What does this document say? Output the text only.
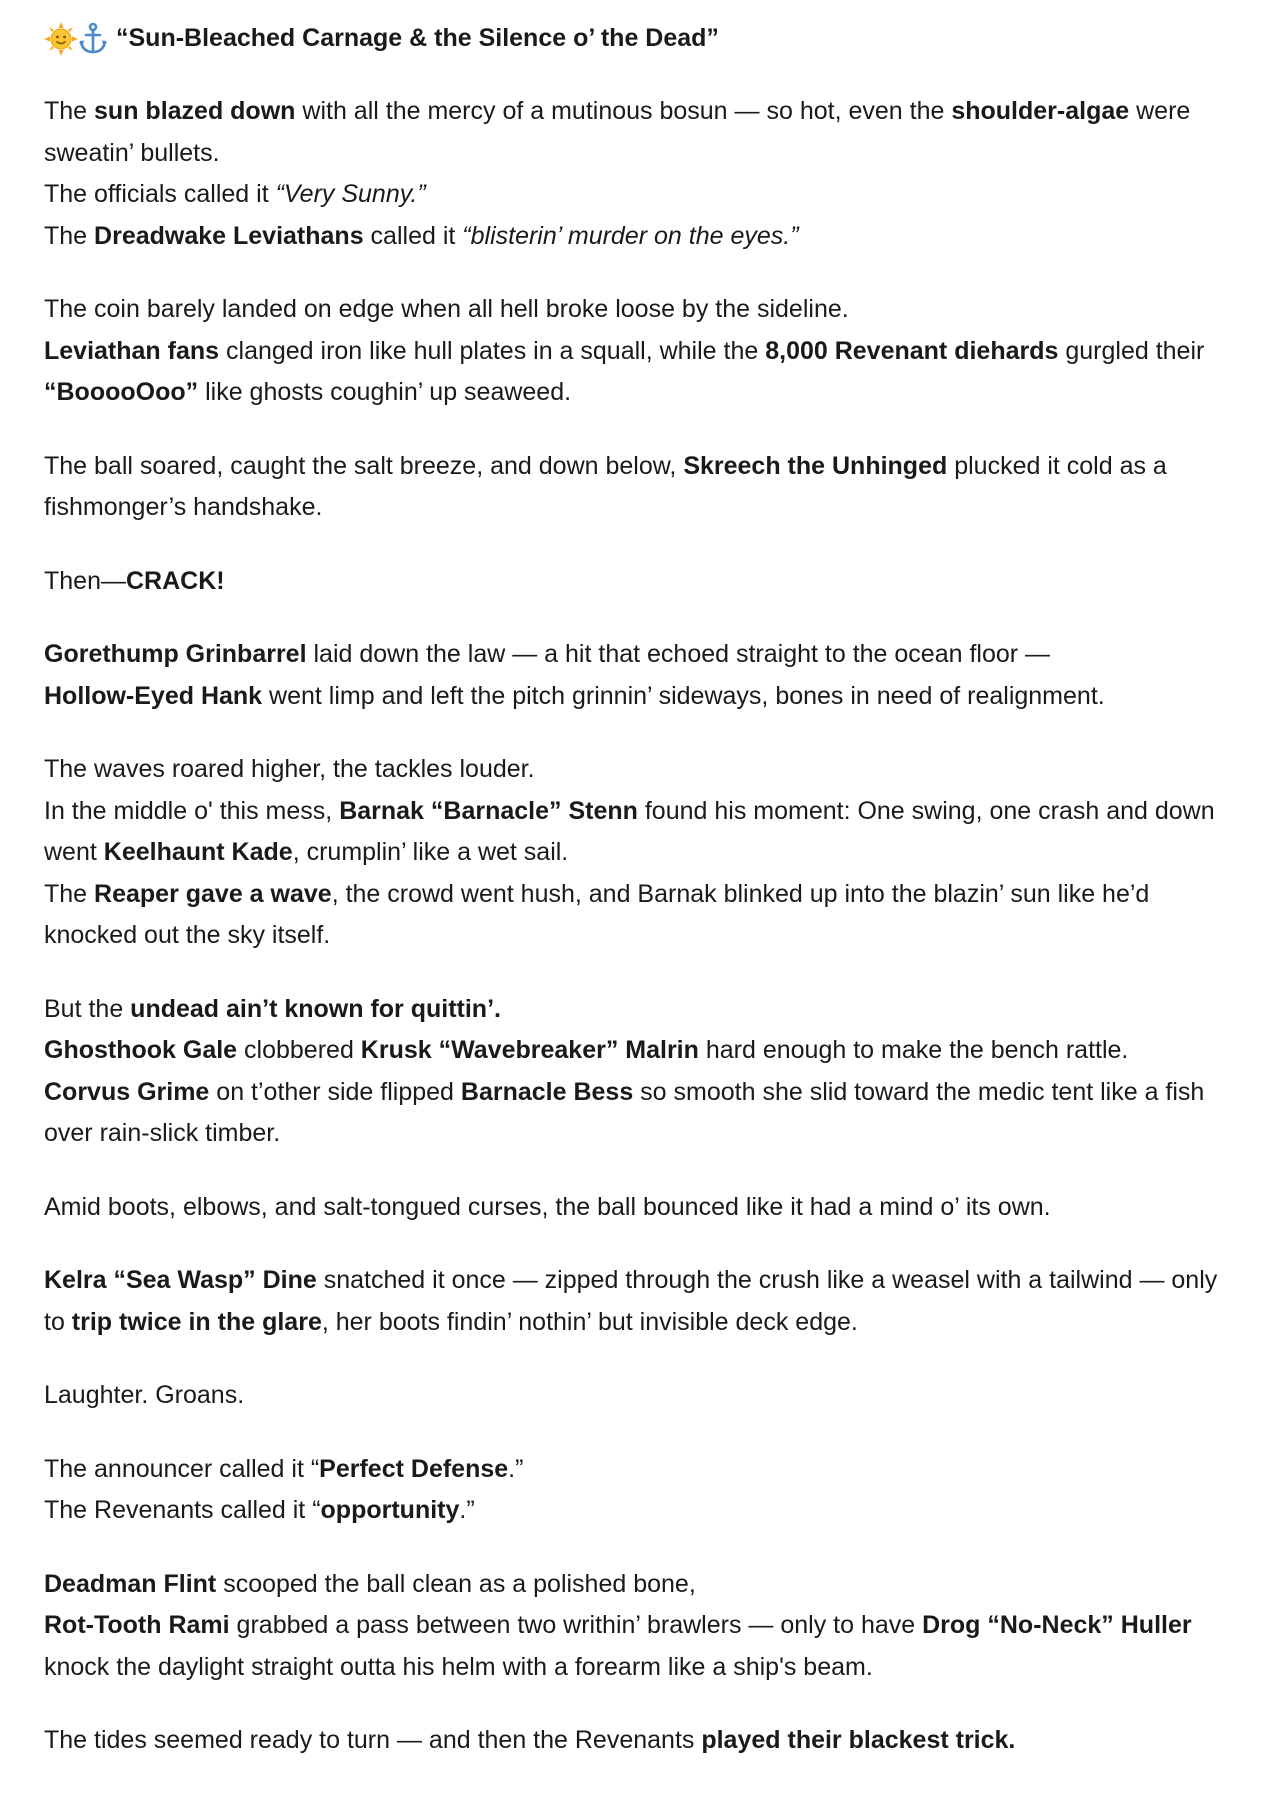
“Sun-Bleached Carnage & the Silence o’ the Dead”
The sun blazed down with all the mercy of a mutinous bosun — so hot, even the shoulder-algae were sweatin’ bullets.
The officials called it “Very Sunny.”
The Dreadwake Leviathans called it “blisterin’ murder on the eyes.”
The coin barely landed on edge when all hell broke loose by the sideline.
Leviathan fans clanged iron like hull plates in a squall, while the 8,000 Revenant diehards gurgled their “BooooOoo” like ghosts coughin’ up seaweed.
The ball soared, caught the salt breeze, and down below, Skreech the Unhinged plucked it cold as a fishmonger’s handshake.
Then—CRACK!
Gorethump Grinbarrel laid down the law — a hit that echoed straight to the ocean floor —
Hollow-Eyed Hank went limp and left the pitch grinnin’ sideways, bones in need of realignment.
The waves roared higher, the tackles louder.
In the middle o' this mess, Barnak “Barnacle” Stenn found his moment: One swing, one crash and down went Keelhaunt Kade, crumplin’ like a wet sail.
The Reaper gave a wave, the crowd went hush, and Barnak blinked up into the blazin’ sun like he’d knocked out the sky itself.
But the undead ain’t known for quittin’.
Ghosthook Gale clobbered Krusk “Wavebreaker” Malrin hard enough to make the bench rattle.
Corvus Grime on t’other side flipped Barnacle Bess so smooth she slid toward the medic tent like a fish over rain-slick timber.
Amid boots, elbows, and salt-tongued curses, the ball bounced like it had a mind o’ its own.
Kelra “Sea Wasp” Dine snatched it once — zipped through the crush like a weasel with a tailwind — only to trip twice in the glare, her boots findin’ nothin’ but invisible deck edge.
Laughter. Groans.
The announcer called it “Perfect Defense.”
The Revenants called it “opportunity.”
Deadman Flint scooped the ball clean as a polished bone,
Rot-Tooth Rami grabbed a pass between two writhin’ brawlers — only to have Drog “No-Neck” Huller knock the daylight straight outta his helm with a forearm like a ship's beam.
The tides seemed ready to turn — and then the Revenants played their blackest trick.
